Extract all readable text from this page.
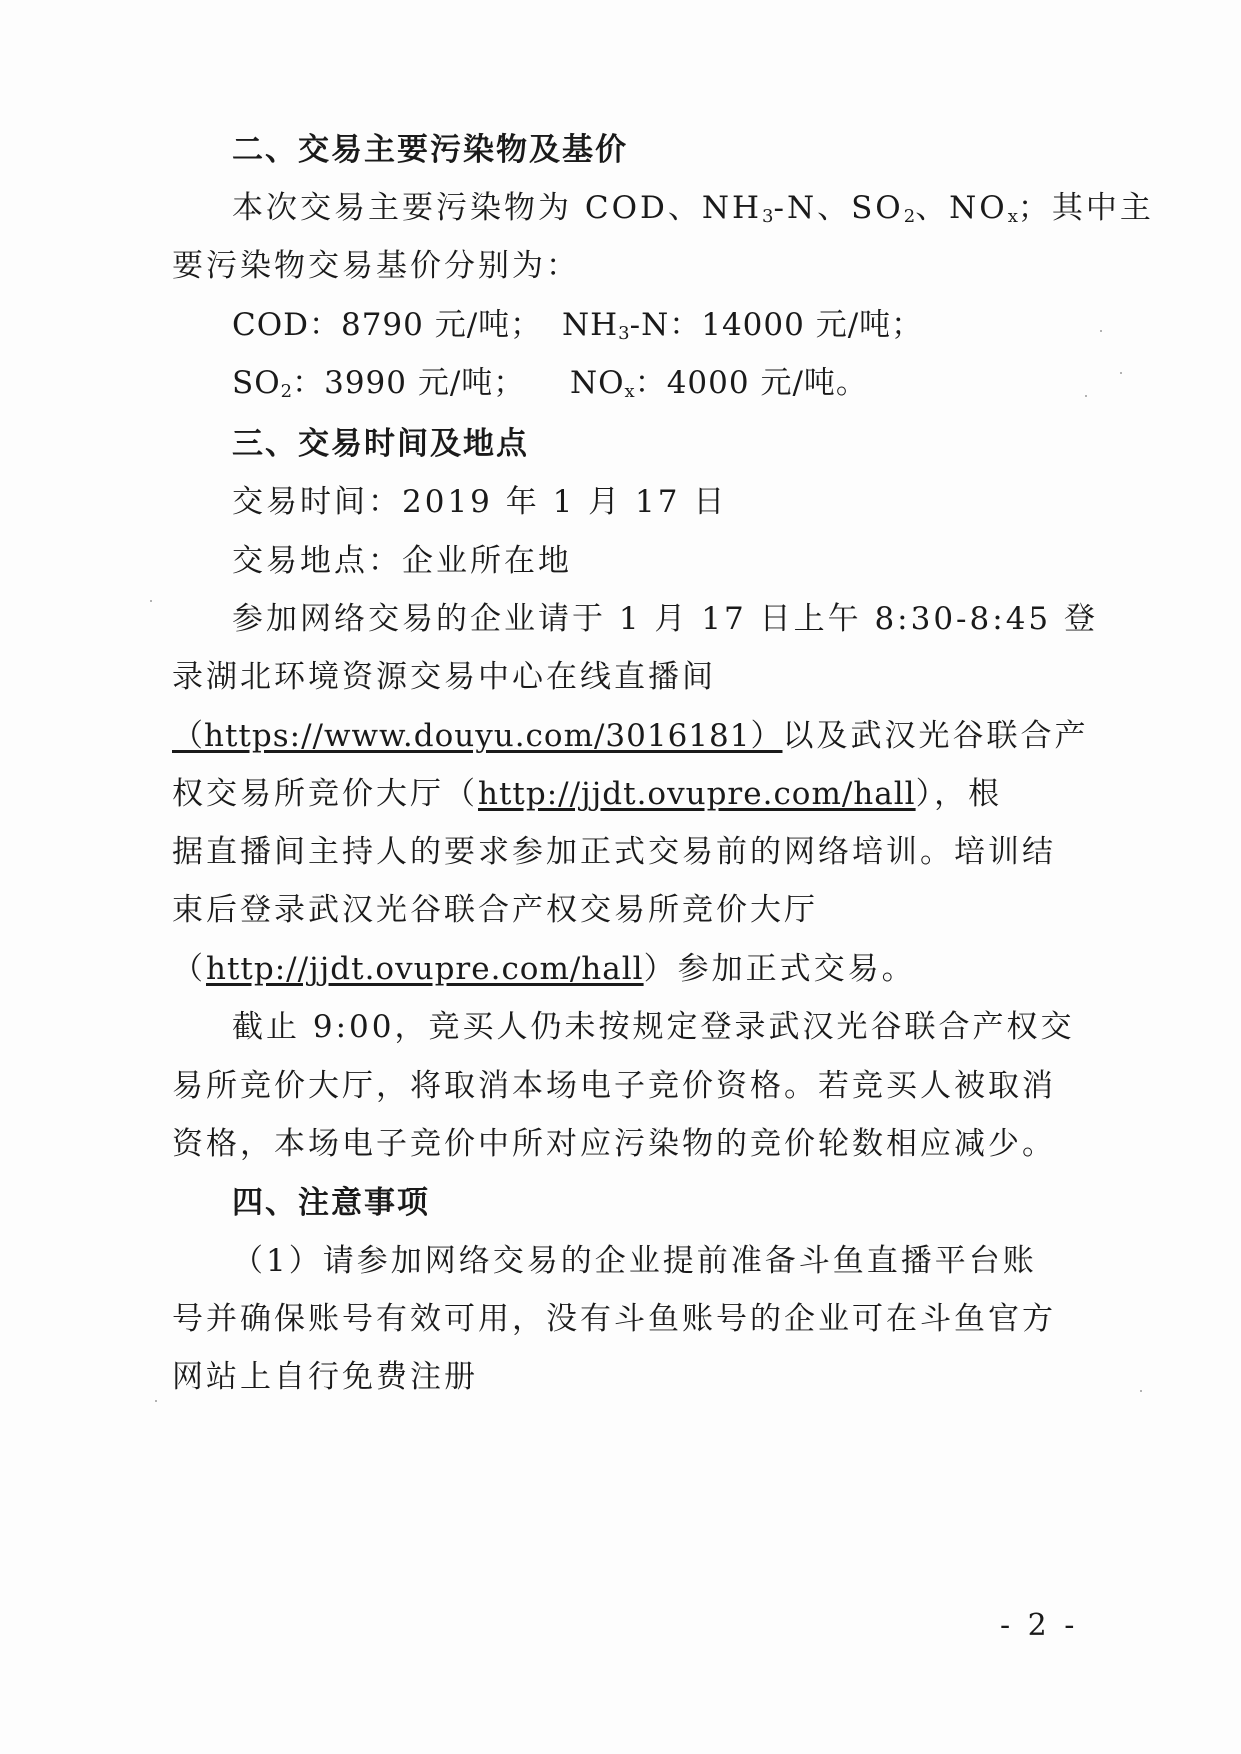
二、交易主要污染物及基价
本次交易主要污染物为 COD、$NH_3-N$、$SO_2$、$NO_x$；其中主
要污染物交易基价分别为：
COD：8790 元/吨； $NH_3-N$：14000 元/吨；
$SO_2$：3990 元/吨； $NO_x$：4000 元/吨。
三、交易时间及地点
交易时间：2019 年 1 月 17 日
交易地点：企业所在地
参加网络交易的企业请于 1 月 17 日上午 8:30-8:45 登
录湖北环境资源交易中心在线直播间
（https://www.douyu.com/3016181）以及武汉光谷联合产
权交易所竞价大厅（http://jjdt.ovupre.com/hall），根
据直播间主持人的要求参加正式交易前的网络培训。培训结
束后登录武汉光谷联合产权交易所竞价大厅
（http://jjdt.ovupre.com/hall）参加正式交易。
截止 9:00，竞买人仍未按规定登录武汉光谷联合产权交
易所竞价大厅，将取消本场电子竞价资格。若竞买人被取消
资格，本场电子竞价中所对应污染物的竞价轮数相应减少。
四、注意事项
（1）请参加网络交易的企业提前准备斗鱼直播平台账
号并确保账号有效可用，没有斗鱼账号的企业可在斗鱼官方
网站上自行免费注册
- 2 -
